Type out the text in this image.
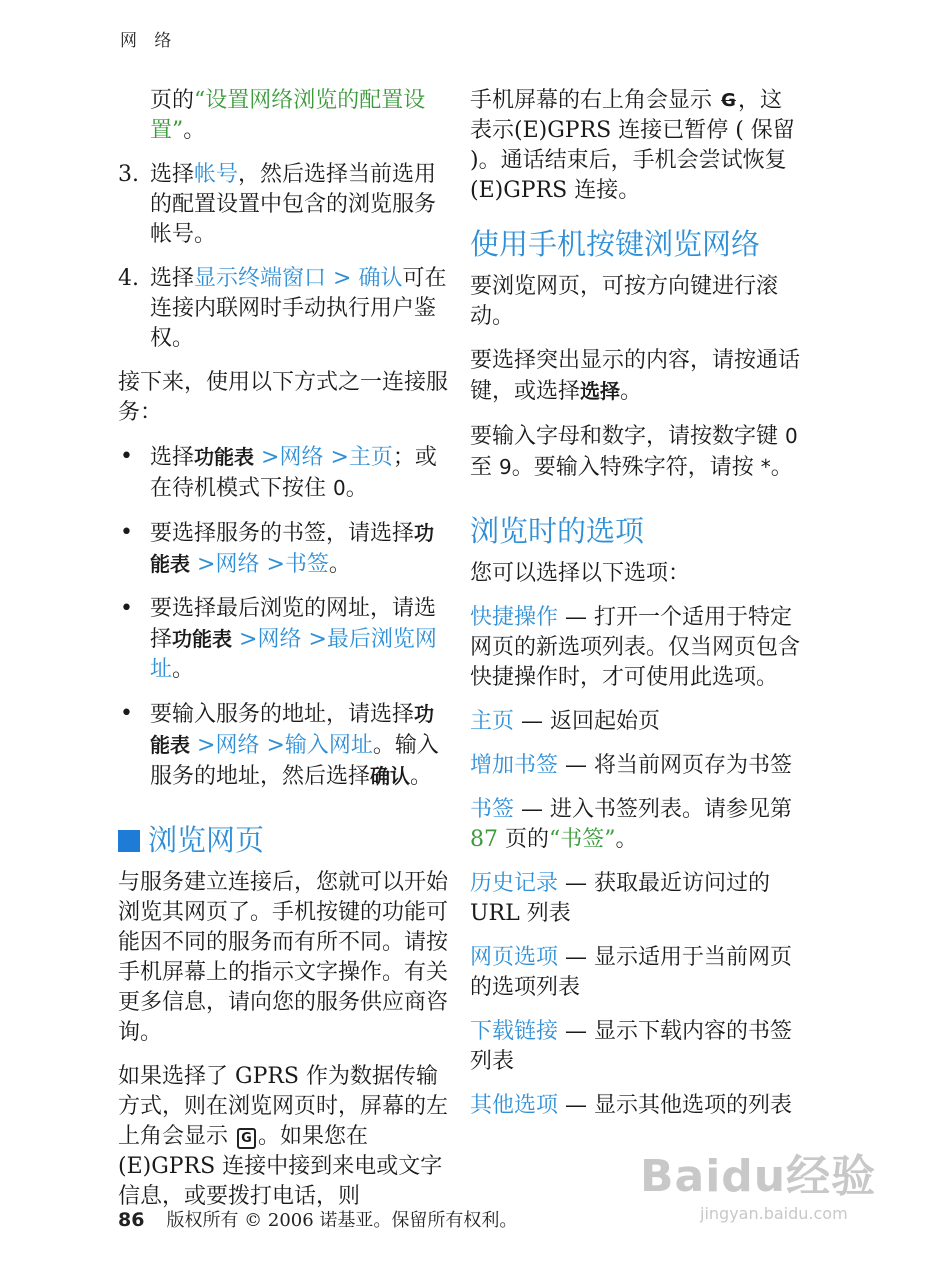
网 络

页的“设置网络浏览的配置设置”。

3. 选择帐号，然后选择当前选用的配置设置中包含的浏览服务帐号。
4. 选择显示终端窗口 > 确认可在连接内联网时手动执行用户鉴权。

接下来，使用以下方式之一连接服务：

• 选择功能表 >网络 >主页；或在待机模式下按住 0。
• 要选择服务的书签，请选择功能表 >网络 >书签。
• 要选择最后浏览的网址，请选择功能表 >网络 >最后浏览网址。
• 要输入服务的地址，请选择功能表 >网络 >输入网址。输入服务的地址，然后选择确认。
浏览网页

与服务建立连接后，您就可以开始浏览其网页了。手机按键的功能可能因不同的服务而有所不同。请按手机屏幕上的指示文字操作。有关更多信息，请向您的服务供应商咨询。

如果选择了 GPRS 作为数据传输方式，则在浏览网页时，屏幕的左上角会显示 G 。如果您在 (E)GPRS 连接中接到来电或文字信息，或要拨打电话，则

手机屏幕的右上角会显示 G，这表示(E)GPRS 连接已暂停 ( 保留 )。通话结束后，手机会尝试恢复 (E)GPRS 连接。

使用手机按键浏览网络

要浏览网页，可按方向键进行滚动。

要选择突出显示的内容，请按通话键，或选择选择。

要输入字母和数字，请按数字键 0 至 9。要输入特殊字符，请按 *。

浏览时的选项

您可以选择以下选项：

快捷操作 — 打开一个适用于特定网页的新选项列表。仅当网页包含快捷操作时，才可使用此选项。

主页 — 返回起始页

增加书签 — 将当前网页存为书签

书签 — 进入书签列表。请参见第 87 页的“书签”。

历史记录 — 获取最近访问过的 URL 列表

网页选项 — 显示适用于当前网页的选项列表

下载链接 — 显示下载内容的书签列表

其他选项 — 显示其他选项的列表

86 版权所有 © 2006 诺基亚。保留所有权利。
Baidu经验
jingyan.baidu.com
